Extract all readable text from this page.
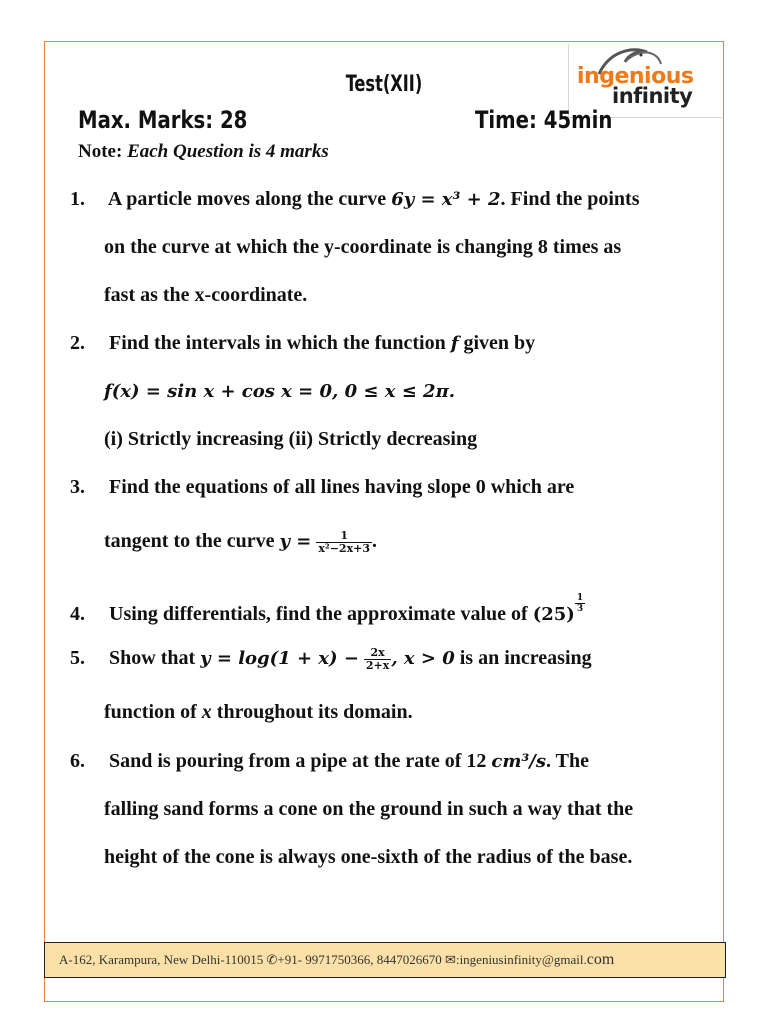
ingenious
infinity
Test(XII)
Max. Marks: 28	Time: 45min
Note: Each Question is 4 marks
1. A particle moves along the curve 6y = x³ + 2. Find the points
on the curve at which the y-coordinate is changing 8 times as
fast as the x-coordinate.
2. Find the intervals in which the function f given by
f(x) = sin x + cos x = 0, 0 ≤ x ≤ 2π.
(i) Strictly increasing (ii) Strictly decreasing
3. Find the equations of all lines having slope 0 which are
tangent to the curve $y = \frac{1}{\text{x²−2x+3}}$ .
4. Using differentials, find the approximate value of (25)
$\frac{1}{3}$
5. Show that $y = \log(1 + x) - \frac{2x}{2+x}$ , x > 0 is an increasing
function of x throughout its domain.
6. Sand is pouring from a pipe at the rate of 12 cm³/s. The
falling sand forms a cone on the ground in such a way that the
height of the cone is always one-sixth of the radius of the base.
A-162, Karampura, New Delhi-110015 ✆+91- 9971750366, 8447026670 ✉:ingeniusinfinity@gmail.com
